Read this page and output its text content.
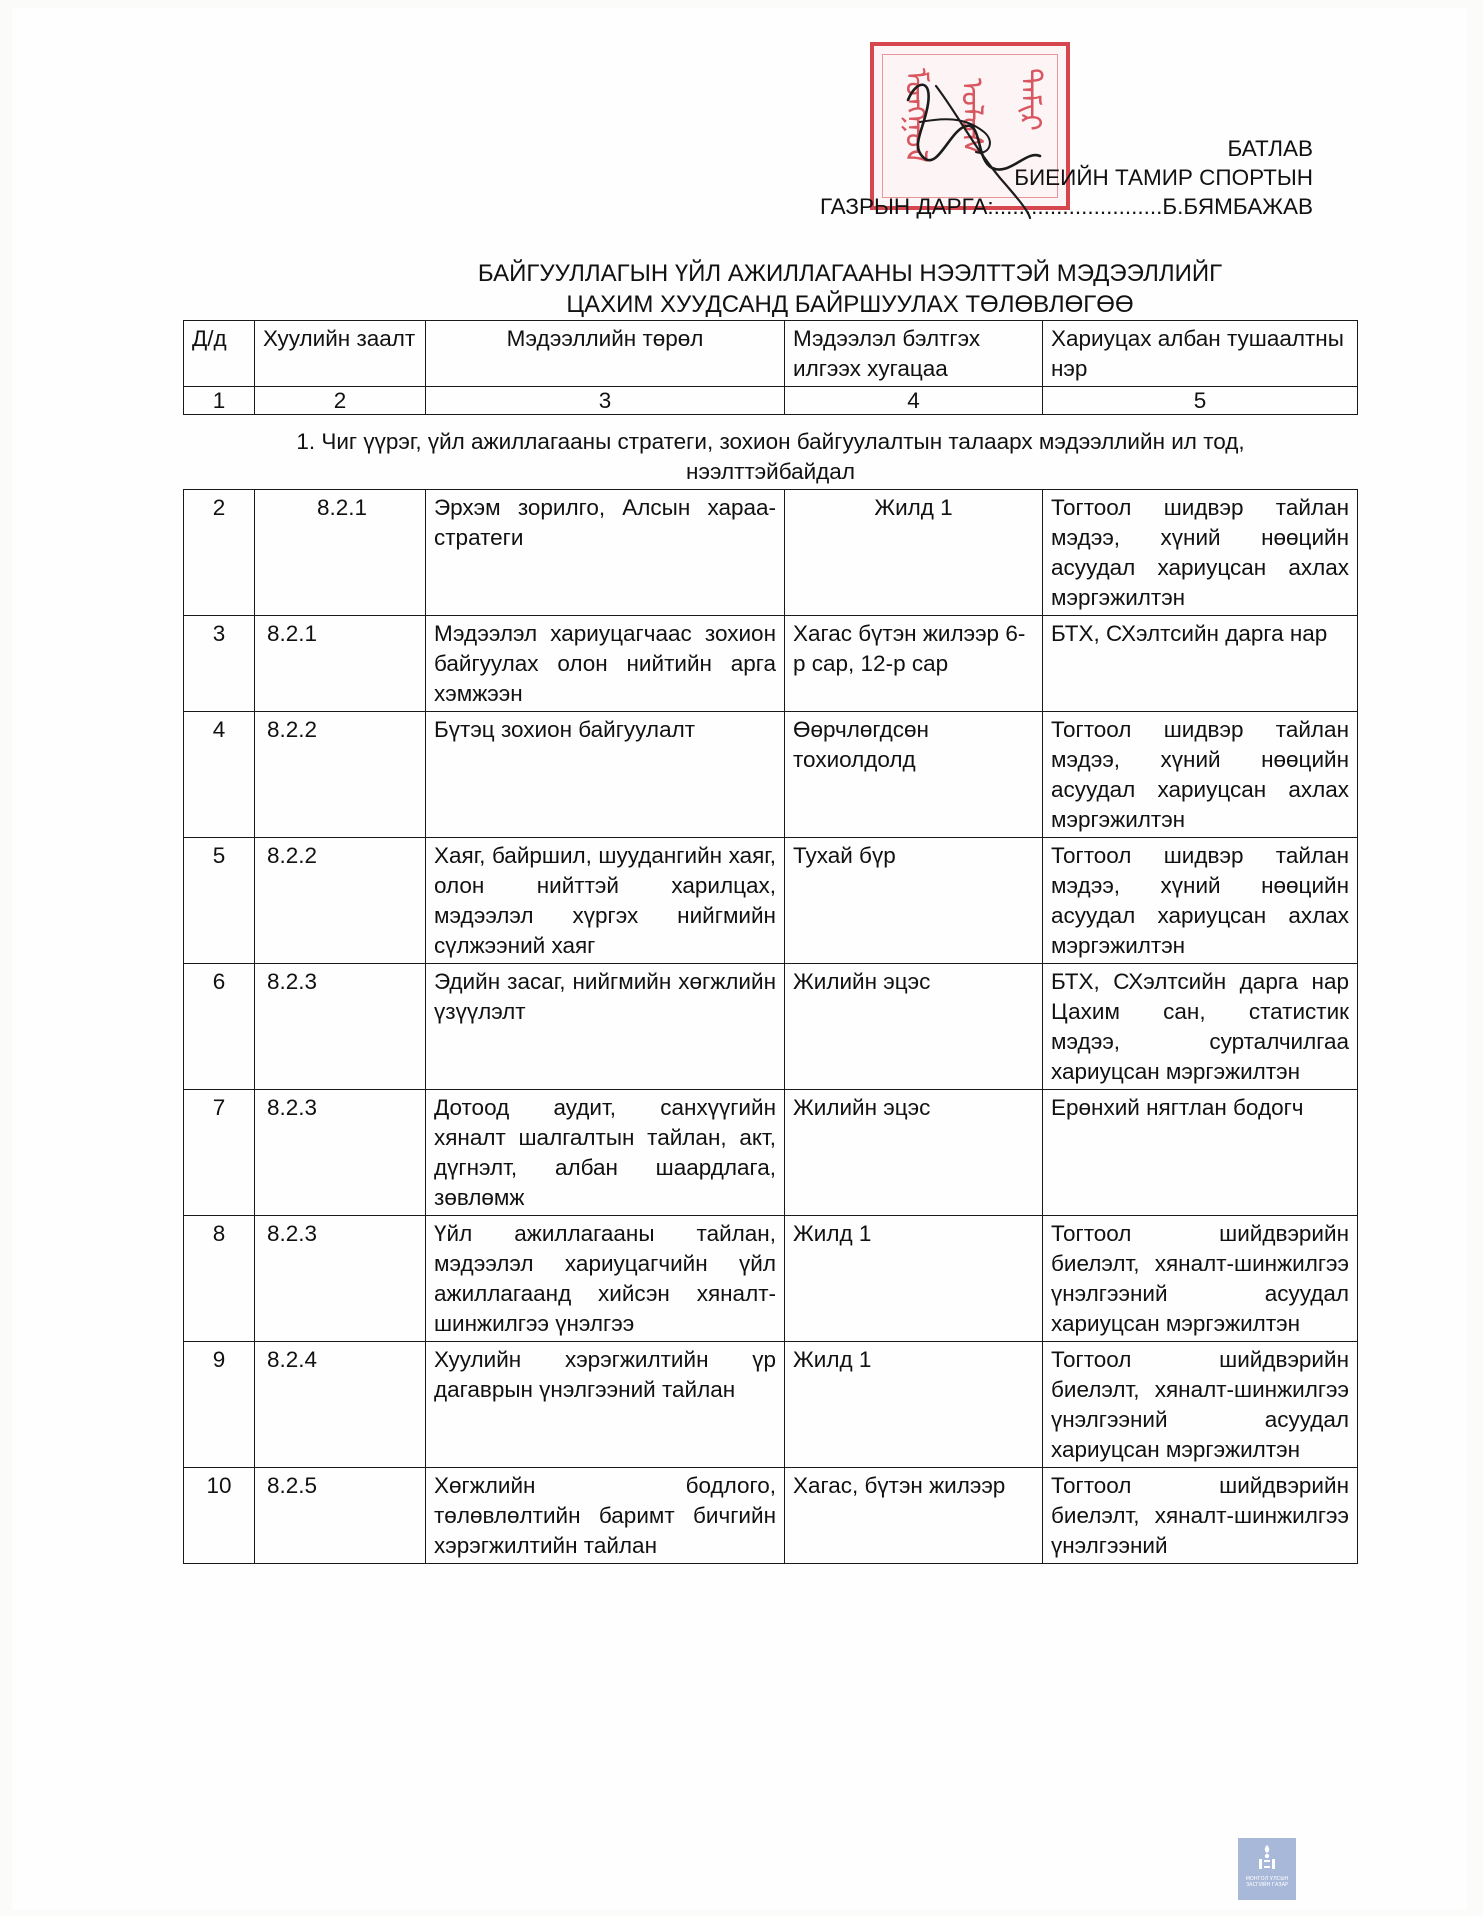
ᠮᠣᠩᠭᠣᠯ ᠤᠯᠤᠰ ᠲᠠᠮᠢᠷ
БАТЛАВ
БИЕИЙН ТАМИР СПОРТЫН
ГАЗРЫН ДАРГА:...........................Б.БЯМБАЖАВ
БАЙГУУЛЛАГЫН ҮЙЛ АЖИЛЛАГААНЫ НЭЭЛТТЭЙ МЭДЭЭЛЛИЙГ
ЦАХИМ ХУУДСАНД БАЙРШУУЛАХ ТӨЛӨВЛӨГӨӨ
Д/д	Хуулийн заалт	Мэдээллийн төрөл	Мэдээлэл бэлтгэх илгээх хугацаа	Хариуцах албан тушаалтны нэр
1	2	3	4	5
1. Чиг үүрэг, үйл ажиллагааны стратеги, зохион байгуулалтын талаарх мэдээллийн ил тод, нээлттэйбайдал				
2	8.2.1	Эрхэм зорилго, Алсын хараа-стратеги	Жилд 1	Тогтоол шидвэр тайлан мэдээ, хүний нөөцийн асуудал хариуцсан ахлах мэргэжилтэн
3	8.2.1	Мэдээлэл хариуцагчаас зохион байгуулах олон нийтийн арга хэмжээн	Хагас бүтэн жилээр 6-р сар, 12-р сар	БТХ, СХэлтсийн дарга нар
4	8.2.2	Бүтэц зохион байгуулалт	Өөрчлөгдсөн тохиолдолд	Тогтоол шидвэр тайлан мэдээ, хүний нөөцийн асуудал хариуцсан ахлах мэргэжилтэн
5	8.2.2	Хаяг, байршил, шуудангийн хаяг, олон нийттэй харилцах, мэдээлэл хүргэх нийгмийн сүлжээний хаяг	Тухай бүр	Тогтоол шидвэр тайлан мэдээ, хүний нөөцийн асуудал хариуцсан ахлах мэргэжилтэн
6	8.2.3	Эдийн засаг, нийгмийн хөгжлийн үзүүлэлт	Жилийн эцэс	БТХ, СХэлтсийн дарга нар Цахим сан, статистик мэдээ, сурталчилгаа хариуцсан мэргэжилтэн
7	8.2.3	Дотоод аудит, санхүүгийн хяналт шалгалтын тайлан, акт, дүгнэлт, албан шаардлага, зөвлөмж	Жилийн эцэс	Ерөнхий нягтлан бодогч
8	8.2.3	Үйл ажиллагааны тайлан, мэдээлэл хариуцагчийн үйл ажиллагаанд хийсэн хяналт- шинжилгээ үнэлгээ	Жилд 1	Тогтоол шийдвэрийн биелэлт, хяналт-шинжилгээ үнэлгээний асуудал хариуцсан мэргэжилтэн
9	8.2.4	Хуулийн хэрэгжилтийн үр дагаврын үнэлгээний тайлан	Жилд 1	Тогтоол шийдвэрийн биелэлт, хяналт-шинжилгээ үнэлгээний асуудал хариуцсан мэргэжилтэн
10	8.2.5	Хөгжлийн бодлого, төлөвлөлтийн баримт бичгийн хэрэгжилтийн тайлан	Хагас, бүтэн жилээр	Тогтоол шийдвэрийн биелэлт, хяналт-шинжилгээ үнэлгээний
МОНГОЛ УЛСЫН ЗАСГИЙН ГАЗАР
